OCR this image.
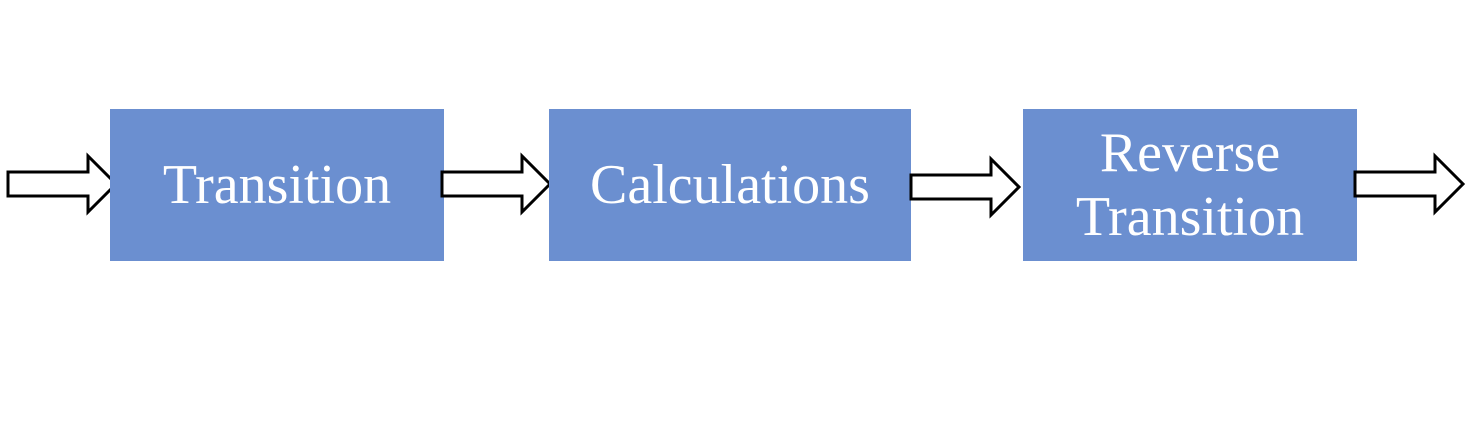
Transition	Calculations
Reverse
Transition
